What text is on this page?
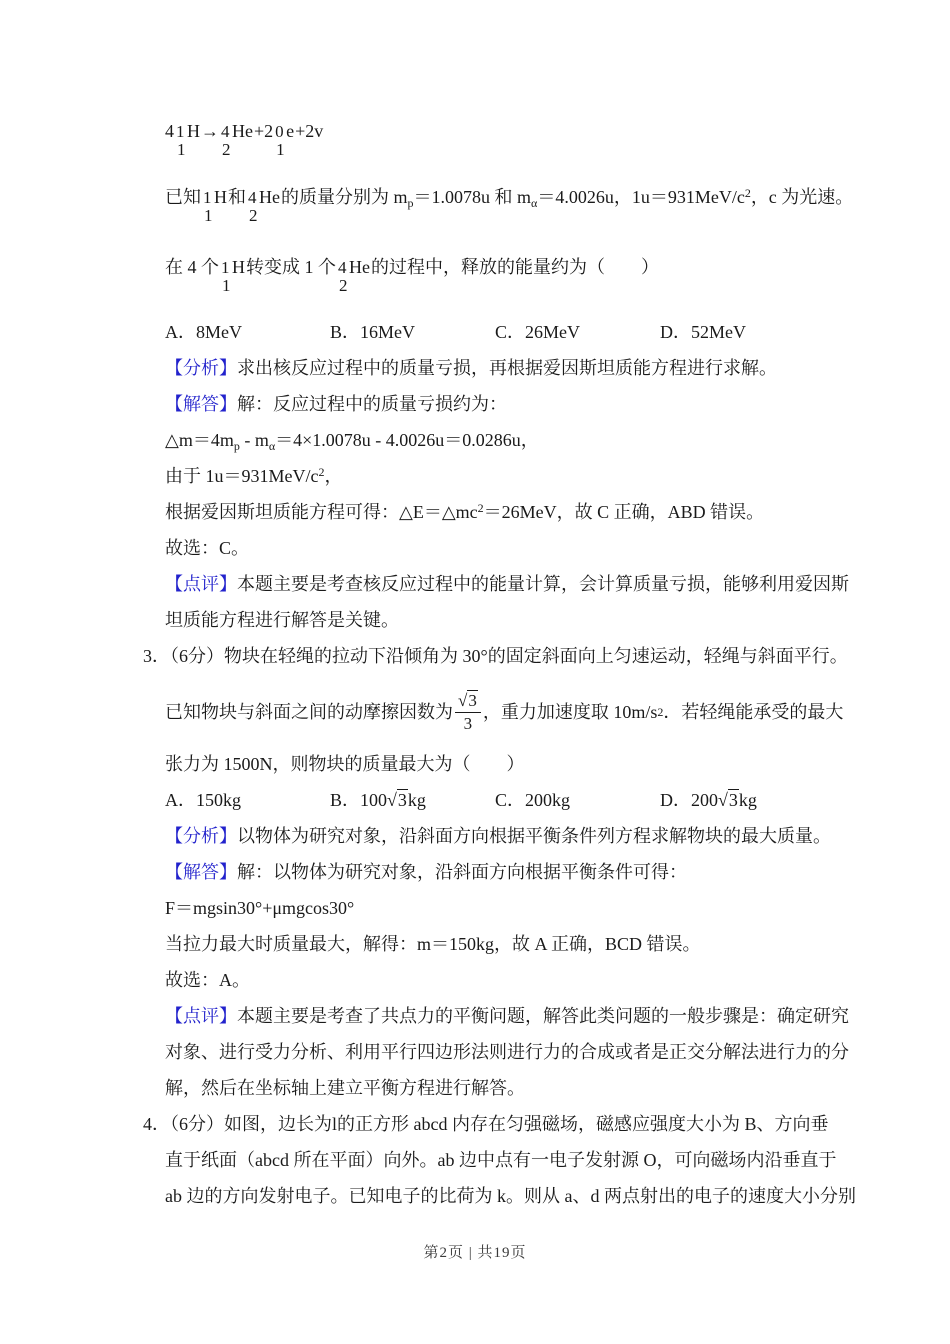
4 1
1
H→ 4
2
He+2 0
1
e+2v
已知 1
1
H和 4
2
He的质量分别为 $m_p=1.0078u$ 和 $m_\alpha=4.0026u$，$1u=931MeV/c^2$，c 为光速。
在 4 个 1
1
H转变成 1 个 4
2
He的过程中，释放的能量约为（　　）
A．8MeV	B．16MeV	C．26MeV	D．52MeV
【分析】求出核反应过程中的质量亏损，再根据爱因斯坦质能方程进行求解。
【解答】解：反应过程中的质量亏损约为：
$\triangle m=4m_p - m_\alpha=4\times 1.0078u - 4.0026u=0.0286u$，
由于 $1u=931MeV/c^2$，
根据爱因斯坦质能方程可得：$\triangle E=\triangle mc^2=26MeV$，故 C 正确，ABD 错误。
故选：C。
【点评】本题主要是考查核反应过程中的能量计算，会计算质量亏损，能够利用爱因斯
坦质能方程进行解答是关键。
3．（6分）物块在轻绳的拉动下沿倾角为 30°的固定斜面向上匀速运动，轻绳与斜面平行。
已知物块与斜面之间的动摩擦因数为 $\frac{√3}{3}$ ，重力加速度取 10m/s 2 ．若轻绳能承受的最大
张力为 1500N，则物块的质量最大为（　　）
A．150kg	B．100√3kg	C．200kg	D．200√3kg
【分析】以物体为研究对象，沿斜面方向根据平衡条件列方程求解物块的最大质量。
【解答】解：以物体为研究对象，沿斜面方向根据平衡条件可得：
F＝mgsin30°+μmgcos30°
当拉力最大时质量最大，解得：m＝150kg，故 A 正确，BCD 错误。
故选：A。
【点评】本题主要是考查了共点力的平衡问题，解答此类问题的一般步骤是：确定研究
对象、进行受力分析、利用平行四边形法则进行力的合成或者是正交分解法进行力的分
解，然后在坐标轴上建立平衡方程进行解答。
4．（6分）如图，边长为l的正方形 abcd 内存在匀强磁场，磁感应强度大小为 B、方向垂
直于纸面（abcd 所在平面）向外。ab 边中点有一电子发射源 O，可向磁场内沿垂直于
ab 边的方向发射电子。已知电子的比荷为 k。则从 a、d 两点射出的电子的速度大小分别
第2页 | 共19页
